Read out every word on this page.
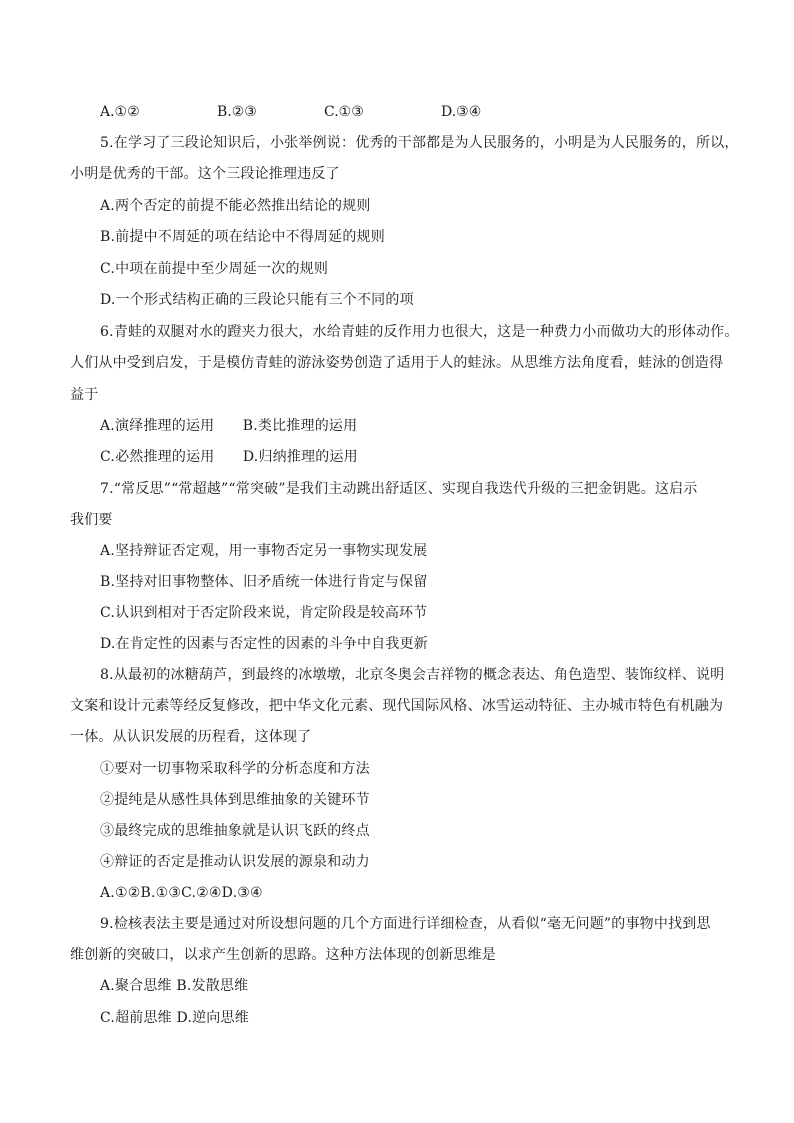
A.①②	B.②③	C.①③	D.③④
5.在学习了三段论知识后，小张举例说：优秀的干部都是为人民服务的，小明是为人民服务的，所以，
小明是优秀的干部。这个三段论推理违反了
A.两个否定的前提不能必然推出结论的规则
B.前提中不周延的项在结论中不得周延的规则
C.中项在前提中至少周延一次的规则
D.一个形式结构正确的三段论只能有三个不同的项
6.青蛙的双腿对水的蹬夹力很大，水给青蛙的反作用力也很大，这是一种费力小而做功大的形体动作。
人们从中受到启发，于是模仿青蛙的游泳姿势创造了适用于人的蛙泳。从思维方法角度看，蛙泳的创造得
益于
A.演绎推理的运用　　B.类比推理的运用
C.必然推理的运用　　D.归纳推理的运用
7.“常反思”“常超越”“常突破”是我们主动跳出舒适区、实现自我迭代升级的三把金钥匙。这启示
我们要
A.坚持辩证否定观，用一事物否定另一事物实现发展
B.坚持对旧事物整体、旧矛盾统一体进行肯定与保留
C.认识到相对于否定阶段来说，肯定阶段是较高环节
D.在肯定性的因素与否定性的因素的斗争中自我更新
8.从最初的冰糖葫芦，到最终的冰墩墩，北京冬奥会吉祥物的概念表达、角色造型、装饰纹样、说明
文案和设计元素等经反复修改，把中华文化元素、现代国际风格、冰雪运动特征、主办城市特色有机融为
一体。从认识发展的历程看，这体现了
①要对一切事物采取科学的分析态度和方法
②提纯是从感性具体到思维抽象的关键环节
③最终完成的思维抽象就是认识飞跃的终点
④辩证的否定是推动认识发展的源泉和动力
A.①②B.①③C.②④D.③④
9.检核表法主要是通过对所设想问题的几个方面进行详细检查，从看似“毫无问题”的事物中找到思
维创新的突破口，以求产生创新的思路。这种方法体现的创新思维是
A.聚合思维 B.发散思维
C.超前思维 D.逆向思维
